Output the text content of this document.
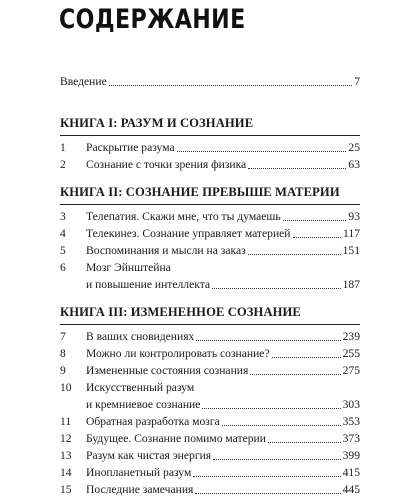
СОДЕРЖАНИЕ
Введение	7
КНИГА I: РАЗУМ И СОЗНАНИЕ
1	Раскрытие разума	25
2	Сознание с точки зрения физика	63
КНИГА II: СОЗНАНИЕ ПРЕВЫШЕ МАТЕРИИ
3	Телепатия. Скажи мне, что ты думаешь	93
4	Телекинез. Сознание управляет материей	117
5	Воспоминания и мысли на заказ	151
6	Мозг Эйнштейна
и повышение интеллекта	187
КНИГА III: ИЗМЕНЕННОЕ СОЗНАНИЕ
7	В ваших сновидениях	239
8	Можно ли контролировать сознание?	255
9	Измененные состояния сознания	275
10	Искусственный разум
и кремниевое сознание	303
11	Обратная разработка мозга	353
12	Будущее. Сознание помимо материи	373
13	Разум как чистая энергия	399
14	Инопланетный разум	415
15	Последние замечания	445
